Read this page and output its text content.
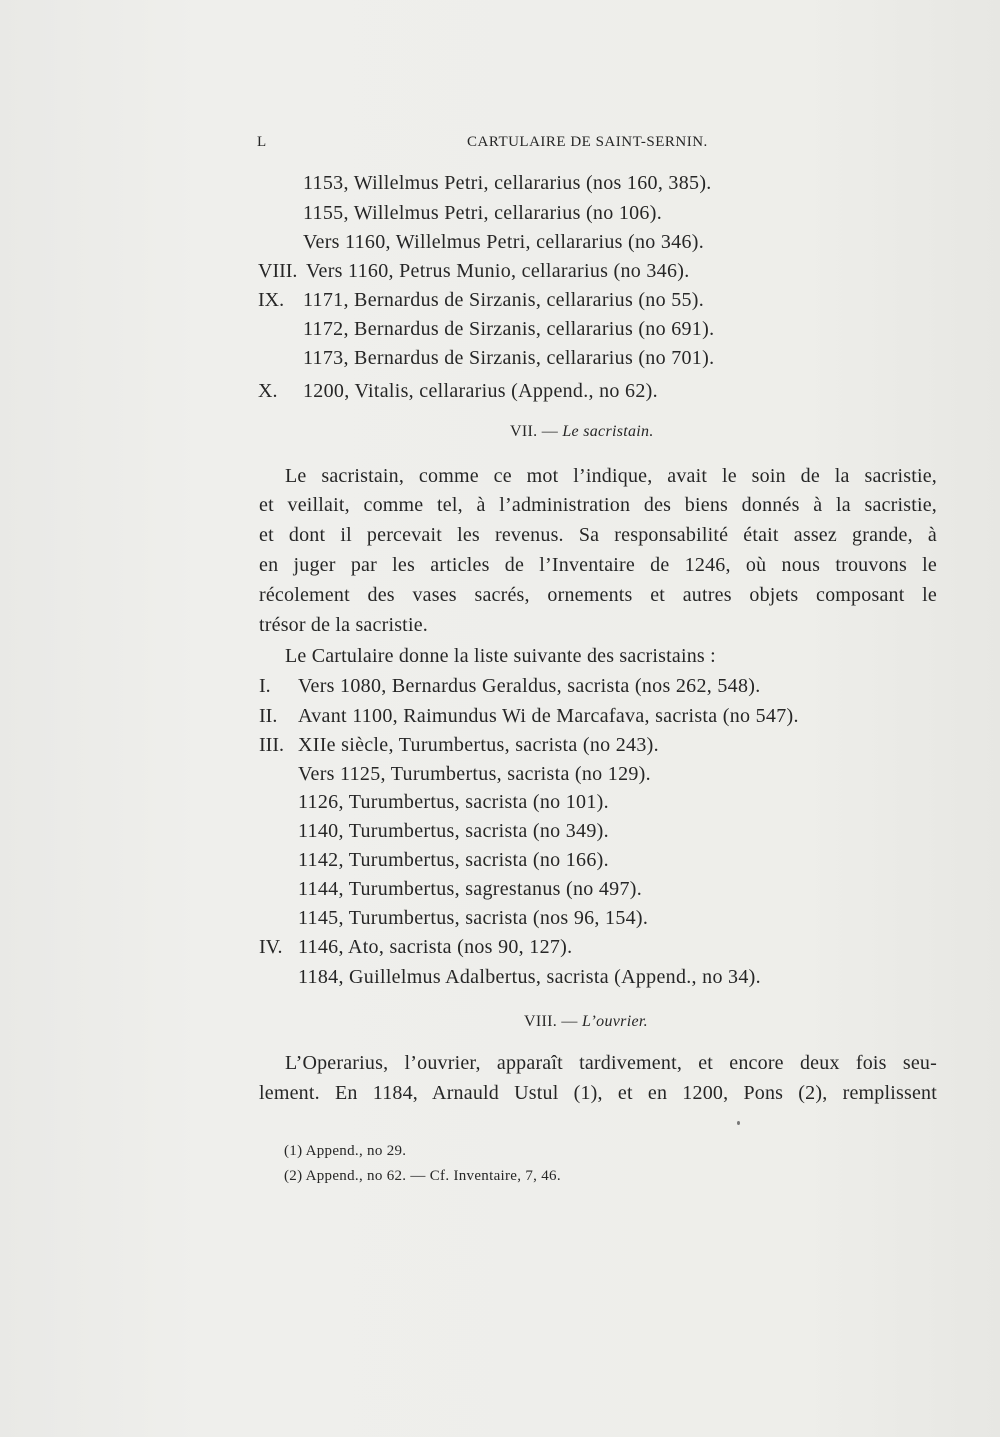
L	CARTULAIRE DE SAINT-SERNIN.
1153, Willelmus Petri, cellararius (nos 160, 385).
1155, Willelmus Petri, cellararius (no 106).
Vers 1160, Willelmus Petri, cellararius (no 346).
VIII. Vers 1160, Petrus Munio, cellararius (no 346).
IX. 1171, Bernardus de Sirzanis, cellararius (no 55).
1172, Bernardus de Sirzanis, cellararius (no 691).
1173, Bernardus de Sirzanis, cellararius (no 701).
X. 1200, Vitalis, cellararius (Append., no 62).
VII. — Le sacristain.
Le sacristain, comme ce mot l’indique, avait le soin de la sacristie,
et veillait, comme tel, à l’administration des biens donnés à la sacristie,
et dont il percevait les revenus. Sa responsabilité était assez grande, à
en juger par les articles de l’Inventaire de 1246, où nous trouvons le
récolement des vases sacrés, ornements et autres objets composant le
trésor de la sacristie.
Le Cartulaire donne la liste suivante des sacristains :
I. Vers 1080, Bernardus Geraldus, sacrista (nos 262, 548).
II. Avant 1100, Raimundus Wi de Marcafava, sacrista (no 547).
III. XIIe siècle, Turumbertus, sacrista (no 243).
Vers 1125, Turumbertus, sacrista (no 129).
1126, Turumbertus, sacrista (no 101).
1140, Turumbertus, sacrista (no 349).
1142, Turumbertus, sacrista (no 166).
1144, Turumbertus, sagrestanus (no 497).
1145, Turumbertus, sacrista (nos 96, 154).
IV. 1146, Ato, sacrista (nos 90, 127).
1184, Guillelmus Adalbertus, sacrista (Append., no 34).
VIII. — L’ouvrier.
L’Operarius, l’ouvrier, apparaît tardivement, et encore deux fois seu-
lement. En 1184, Arnauld Ustul (1), et en 1200, Pons (2), remplissent
(1) Append., no 29.
(2) Append., no 62. — Cf. Inventaire, 7, 46.
